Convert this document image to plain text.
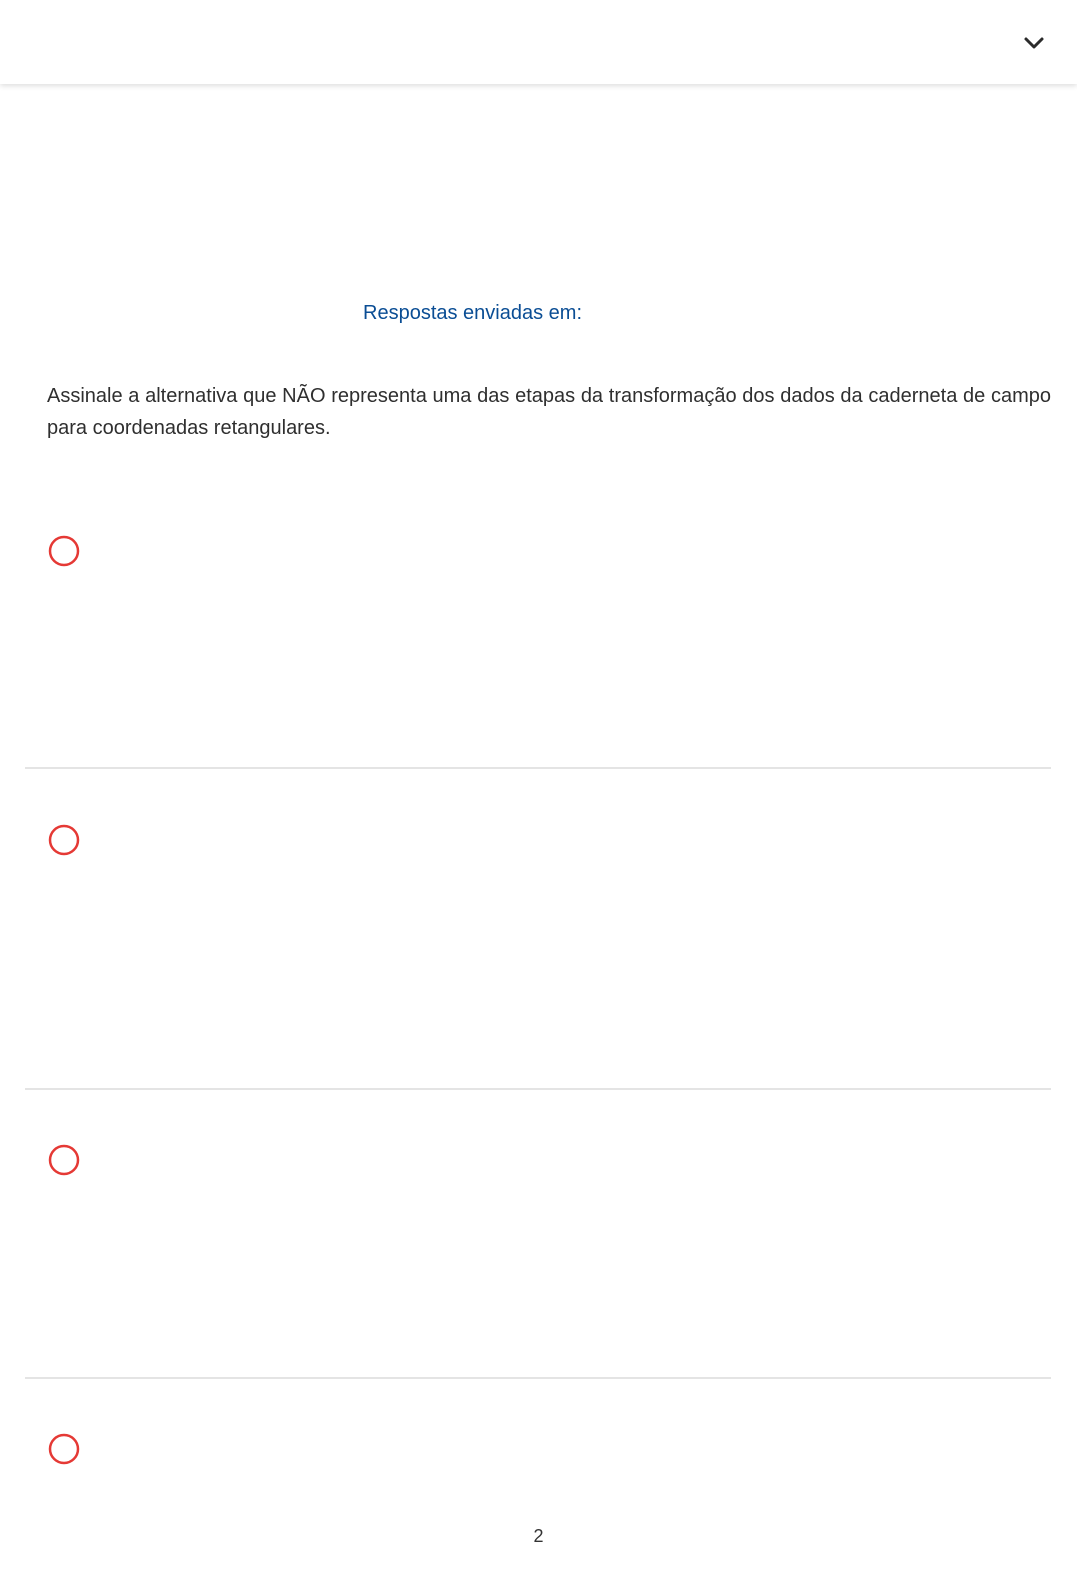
Respostas enviadas em:
Assinale a alternativa que NÃO representa uma das etapas da transformação dos dados da caderneta de campo para coordenadas retangulares.
2
